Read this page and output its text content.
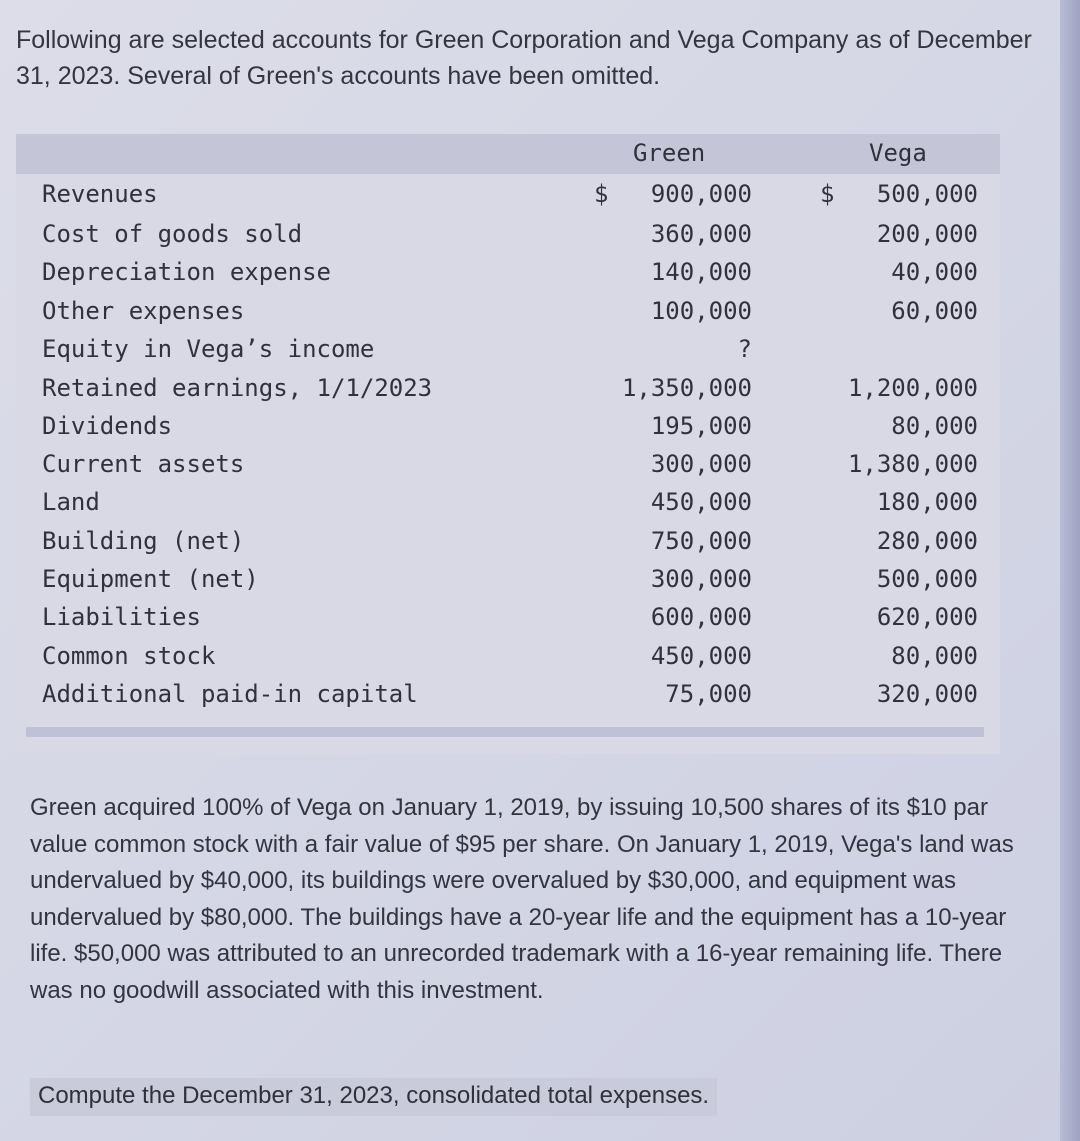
Following are selected accounts for Green Corporation and Vega Company as of December 31, 2023. Several of Green's accounts have been omitted.

Green	Vega
Revenues	$ 900,000	$ 500,000
Cost of goods sold	360,000	200,000
Depreciation expense	140,000	40,000
Other expenses	100,000	60,000
Equity in Vega’s income	?
Retained earnings, 1/1/2023	1,350,000	1,200,000
Dividends	195,000	80,000
Current assets	300,000	1,380,000
Land	450,000	180,000
Building (net)	750,000	280,000
Equipment (net)	300,000	500,000
Liabilities	600,000	620,000
Common stock	450,000	80,000
Additional paid-in capital	75,000	320,000

Green acquired 100% of Vega on January 1, 2019, by issuing 10,500 shares of its $10 par value common stock with a fair value of $95 per share. On January 1, 2019, Vega's land was undervalued by $40,000, its buildings were overvalued by $30,000, and equipment was undervalued by $80,000. The buildings have a 20-year life and the equipment has a 10-year life. $50,000 was attributed to an unrecorded trademark with a 16-year remaining life. There was no goodwill associated with this investment.

Compute the December 31, 2023, consolidated total expenses.
